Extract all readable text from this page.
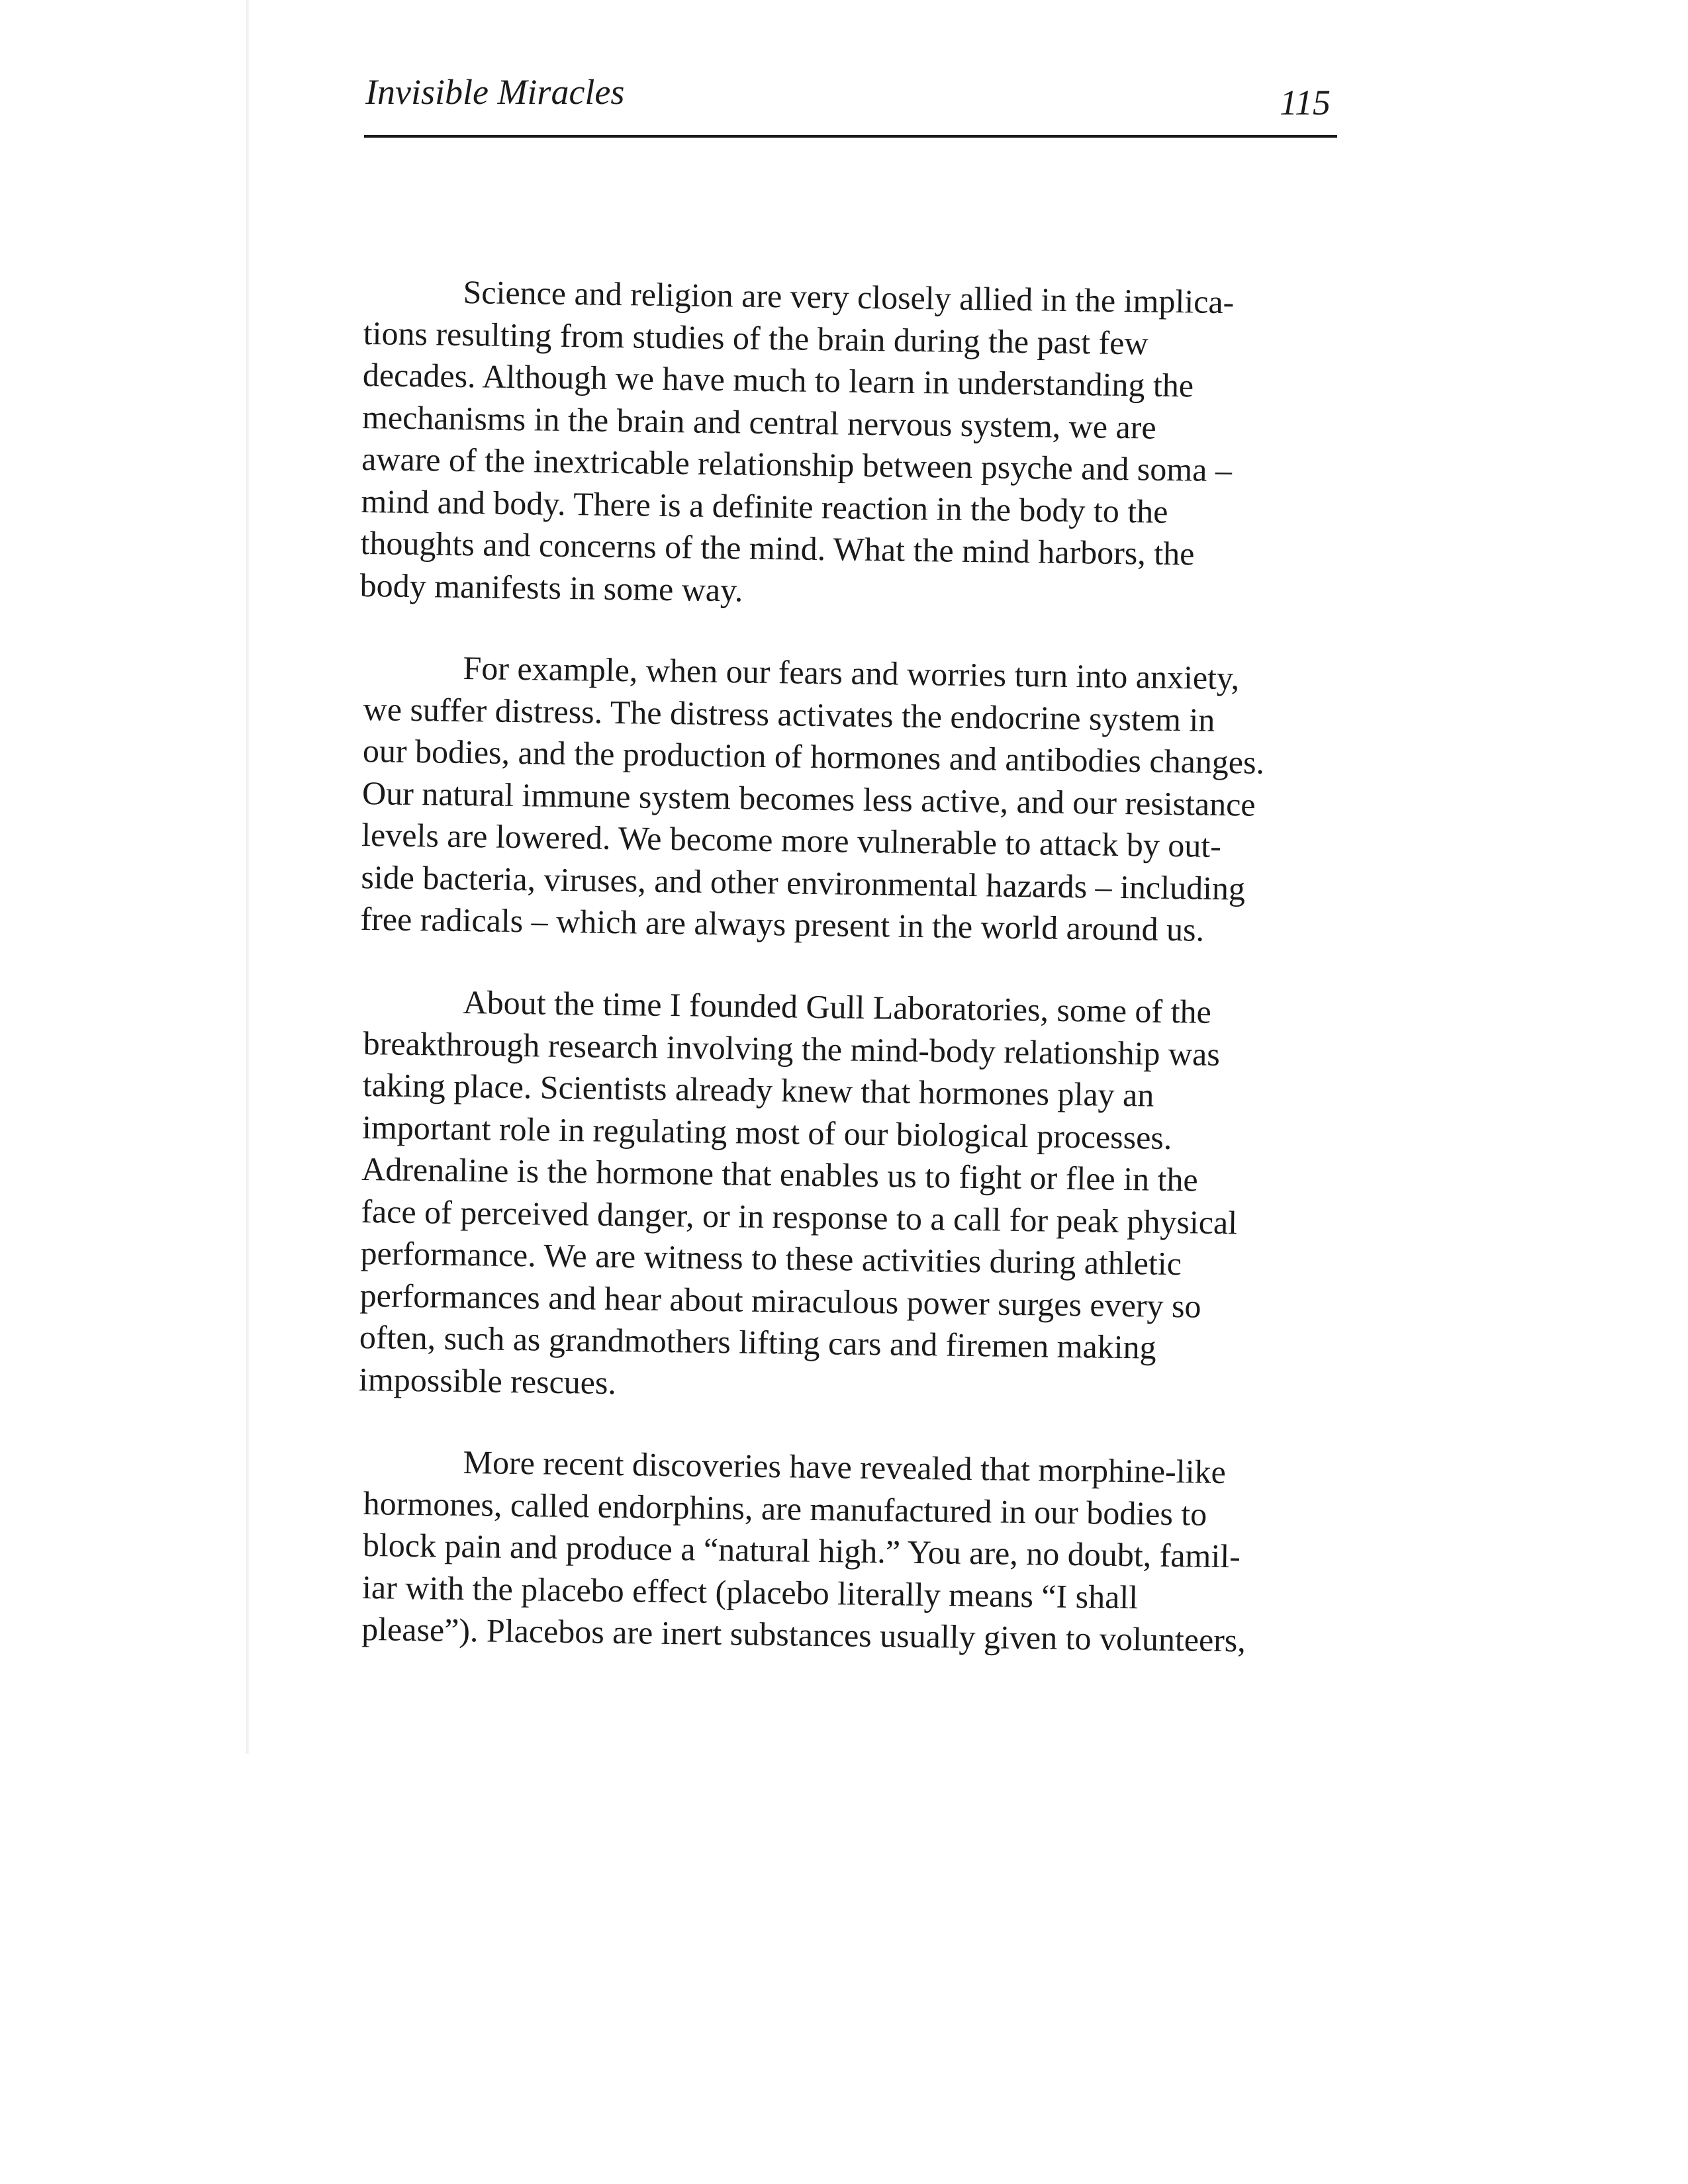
Invisible Miracles	115

Science and religion are very closely allied in the implica-
tions resulting from studies of the brain during the past few
decades. Although we have much to learn in understanding the
mechanisms in the brain and central nervous system, we are
aware of the inextricable relationship between psyche and soma –
mind and body. There is a definite reaction in the body to the
thoughts and concerns of the mind. What the mind harbors, the
body manifests in some way.

For example, when our fears and worries turn into anxiety,
we suffer distress. The distress activates the endocrine system in
our bodies, and the production of hormones and antibodies changes.
Our natural immune system becomes less active, and our resistance
levels are lowered. We become more vulnerable to attack by out-
side bacteria, viruses, and other environmental hazards – including
free radicals – which are always present in the world around us.

About the time I founded Gull Laboratories, some of the
breakthrough research involving the mind-body relationship was
taking place. Scientists already knew that hormones play an
important role in regulating most of our biological processes.
Adrenaline is the hormone that enables us to fight or flee in the
face of perceived danger, or in response to a call for peak physical
performance. We are witness to these activities during athletic
performances and hear about miraculous power surges every so
often, such as grandmothers lifting cars and firemen making
impossible rescues.

More recent discoveries have revealed that morphine-like
hormones, called endorphins, are manufactured in our bodies to
block pain and produce a “natural high.” You are, no doubt, famil-
iar with the placebo effect (placebo literally means “I shall
please”). Placebos are inert substances usually given to volunteers,
